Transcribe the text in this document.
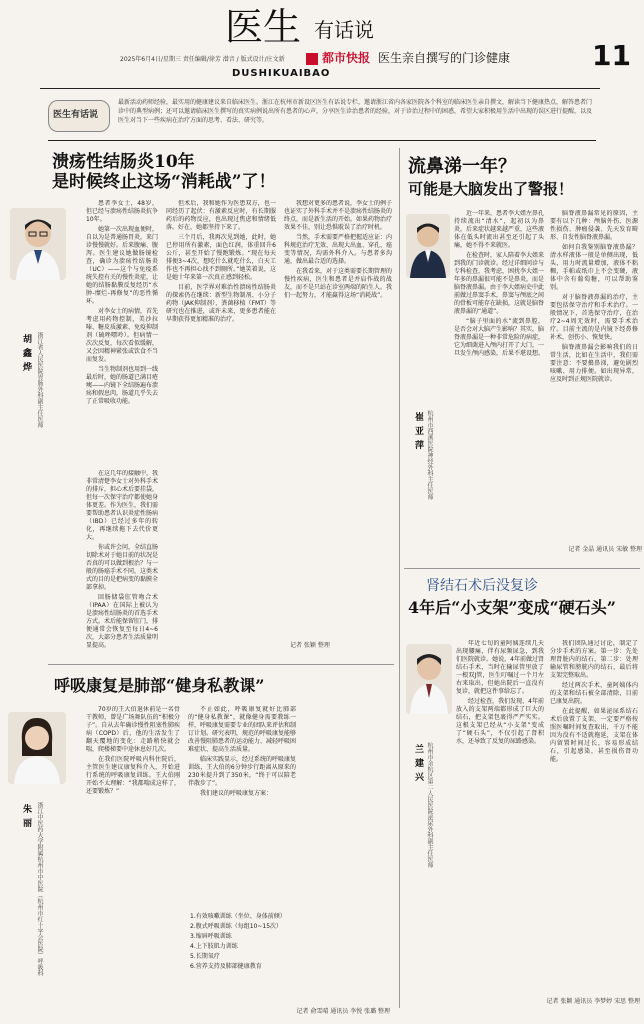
医生 有话说
11
2025年6月4日/星期三 责任编辑/徐芳 潜音 / 版式设计/庄文新
DUSHIKUAIBAO
都市快报 医生亲自撰写的门诊健康
医生有话说
最新活动药师经验，最实用的健康建议来自临床医生。浙江在杭州市新设区医生有话说专栏，邀请浙江省内各家医院各个科室的临床医生亲自撰文，解读当下健康热点，解答患者门诊中的典型病例；还可以邀请临床医生撰写的真实病例说出所有患者的心声，分享医生诊治患者的经验，对于诊治过程中的困惑，希望大家积极用生活中出现的误区进行提醒，以及医生对当下一些疾病在治疗方面的思考、看法、研究等。
溃疡性结肠炎10年
是时候终止这场“消耗战”了！
胡 鑫 烨 浙江省人民医院胃肠外科副主任医师

患者李女士，48岁，但已经与溃疡性结肠炎抗争10年。

她第一次出现血便时，自以为是普通肠胃炎，来门诊慢慢就好。后来腹痛、腹泻。医生建议她做肠镜检查，确诊为溃疡性结肠炎（UC）——这个与免疫系统失控有关的慢性炎症，让她的结肠黏膜反复经历“水肿-糜烂-再修复”的恶性循环。

对李女士的病情，首先考虑用药物控制，美沙拉嗪、糖皮质激素、免疫抑制剂（硫唑嘌呤）。但病情一次次反复，每次看似缓解，又会因精神紧张或饮食不当而复发。

当生物制剂也用到一线最后时，她的肠道已满目疮痍——内镜下全结肠遍布溃疡和假息肉，肠道几乎失去了正常吸收功能。

在这几年的接触中，我非常清楚李女士对外科手术的排斥，担心术后要挂袋，但每一次保守治疗都使她身体更差。作为医生，我们需要帮助患者认识炎症性肠病（IBD）已经过多年的转化，再继续拖下去代价更大。

你或许会问，全结直肠切除术对于她目前的状况是否真的可以做到根治？与一般的肠癌手术不同，这类术式的目的是把病变的黏膜全部拿掉。

回肠储袋肛管吻合术（IPAA）在国际上被认为是溃疡性结肠炎的首选手术方式。术后能保留肛门，排便通常会恢复至每日4~6次，大部分患者生活质量明显提高。

但术后，我和她作为医患双方，也一同经历了起伏：有激素反应时，有长期服药后的药物反应，也出现过焦虑和情绪低落。好在，她都坚持下来了。

三个月后，我再次见到她，此时，她已停用所有激素，面色红润，体重回升6公斤，甚至开始了慢跑锻炼。“现在每天排便3~4次，想吃什么就吃什么，白天工作也不再担心找不到厕所。”她笑着说，这是她十年来第一次真正感到轻松。

目前，医学界对难治性溃疡性结肠炎的探索仍在继续：新型生物制剂、小分子药物（JAK抑制剂）、粪菌移植（FMT）等研究也在推进，或许未来，更多患者能在早期获得更加精准的治疗。

我想对更多的患者说，李女士的例子也证实了外科手术并不是溃疡性结肠炎的终点，而是新生活的开始。如果药物治疗效果不佳，别让恐惧耽误了治疗时机。

当然，手术需要严格把握适应证：内科规范治疗无效、出现大出血、穿孔、癌变等情况，均需外科介入。与患者多沟通，做出最合适的选择。

在我看来，对于这类需要长期管理的慢性疾病，医生和患者是并肩作战的战友，而不是只站在诊室两端的陌生人。我们一起努力，才能赢得这场“消耗战”。

记者 张颖 整理
流鼻涕一年？
可能是大脑发出了警报！
崔 亚 萍 杭州市西溪医院神经外科主任医师

近一年来，患者李大姐左鼻孔持续流出“清水”，起初以为鼻炎，后来症状越来越严重，这些液体在低头时流出甚至还引起了头痛，她不得不来就医。

在检查时，家人陪着李大姐来到我的门诊就诊。经过详细问诊与专科检查，我考虑，困扰李大姐一年多的鼻漏很可能不是鼻炎，而是脑脊液鼻漏。由于李大姐病史中此前做过鼻窦手术，鼻窦与颅底之间的骨板可能存在缺损，这就是脑脊液鼻漏的“通道”。

“脑子里面的水”流到鼻腔，是否会对大脑产生影响？其实，脑脊液鼻漏是一种非常危险的病症，它为细菌进入颅内打开了大门，一旦发生颅内感染，后果不堪设想。

脑脊液鼻漏常见的原因，主要有以下几种：颅脑外伤、医源性损伤、肿瘤侵袭、先天发育畸形、自发性脑脊液鼻漏。

如何自我鉴别脑脊液鼻漏？清水样液体一般是单侧出现，低头、用力时流量增加，液体不粘稠，手帕或纸巾上不会变硬，液体中含有葡萄糖，可以帮助鉴别。

对于脑脊液鼻漏的治疗，主要包括保守治疗和手术治疗。一般情况下，首选保守治疗，在治疗2~4周无效时，需要手术治疗。目前主流的是内镜下经鼻修补术，创伤小、恢复快。

脑脊液鼻漏会影响我们的日常生活，比如在生活中，我们需要注意：不要擤鼻涕，避免剧烈咳嗽、用力排便。如出现异常，应及时到正规医院就诊。

记者 金晶 通讯员 宋敏 整理
肾结石术后没复诊
4年后“小支架”变成“硬石头”
兰 建 兴 杭州市余杭区第二人民医院泌尿外科副主任医师

年近七旬的童阿姨连续几天出现腰痛，伴有尿频尿急，到我们医院就诊。她说，4年前做过肾结石手术，当时在输尿管里放了一根双J管，医生叮嘱过一个月左右来取出，但她出院后一直没有复诊，就把这件事给忘了。

经过检查，我们发现，4年前放入的支架两端都形成了巨大的结石，把支架包裹得严严实实。这根支架已经从“小支架”变成了“硬石头”，不仅引起了肾积水，还导致了反复的尿路感染。

我们团队通过讨论，制定了分步手术的方案。第一步：先处理肾脏内的结石，第二步：处理输尿管和膀胱内的结石，最后将支架完整取出。

经过两次手术，童阿姨体内的支架和结石被全部清除，目前已康复出院。

在此提醒，如果泌尿系结石术后放置了支架，一定要严格按照医嘱时间复查取出，千万不能因为没有不适就拖延，支架在体内留置时间过长，容易形成结石，引起感染，甚至损伤肾功能。

记者 张颖 通讯员 李梦婷 宋思 整理
呼吸康复是肺部“健身私教课”
朱 丽 浙江中医药大学附属杭州市中医院（杭州市红十字会医院）呼吸科

70岁的王大伯退休前是一名骨干教师，曾是广场舞队伍的“积极分子”。自从去年确诊慢性阻塞性肺疾病（COPD）后，他的生活发生了翻天覆地的变化：走路稍快就会喘，爬楼梯要中途休息好几次。

在我们医院呼吸内科住院后，主管医生建议康复科介入，开始进行系统的呼吸康复训练。王大伯刚开始不太理解：“我都喘成这样了，还要锻炼？”

不止如此，呼吸康复就好比肺部的“健身私教课”，就像健身需要教练一样，呼吸康复需要专业的团队来评估和制订计划。研究表明，规范的呼吸康复能够改善慢阻肺患者的运动能力、减轻呼吸困难症状、提高生活质量。

临床实践显示，经过系统的呼吸康复训练，王大伯的6分钟步行距离从原来的230米提升到了350米，“终于可以陪老伴散步了”。

我们建议的呼吸康复方案：

1.有效咳嗽训练（坐位、身体前倾）
2.腹式呼吸训练（每组10~15次）
3.缩唇呼吸训练
4.上下肢肌力训练
5.长期氧疗
6.营养支持及肺部健康教育
记者 俞雪晴 通讯员 李悦 张璐 整理
